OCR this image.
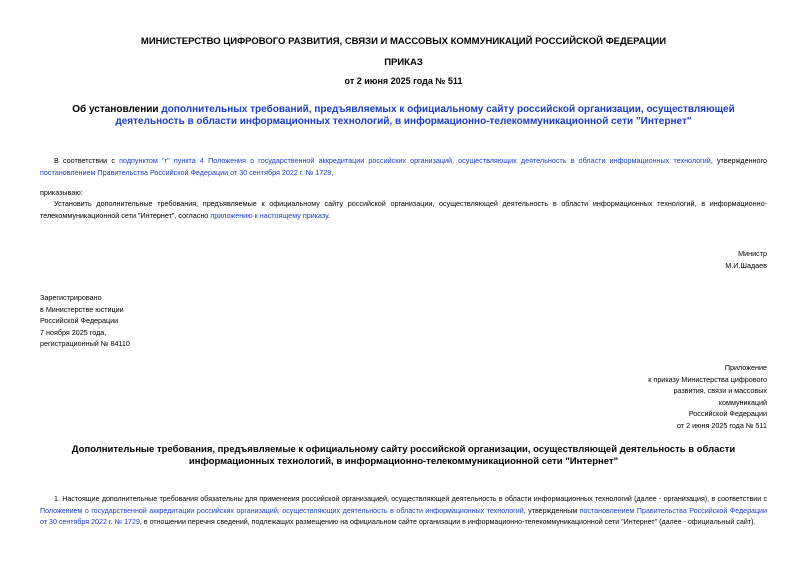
МИНИСТЕРСТВО ЦИФРОВОГО РАЗВИТИЯ, СВЯЗИ И МАССОВЫХ КОММУНИКАЦИЙ РОССИЙСКОЙ ФЕДЕРАЦИИ
ПРИКАЗ
от 2 июня 2025 года № 511
Об установлении дополнительных требований, предъявляемых к официальному сайту российской организации, осуществляющей деятельность в области информационных технологий, в информационно-телекоммуникационной сети "Интернет"
В соответствии с подпунктом "г" пункта 4 Положения о государственной аккредитации российских организаций, осуществляющих деятельность в области информационных технологий, утвержденного постановлением Правительства Российской Федерации от 30 сентября 2022 г. № 1729,
приказываю:
Установить дополнительные требования, предъявляемые к официальному сайту российской организации, осуществляющей деятельность в области информационных технологий, в информационно-телекоммуникационной сети "Интернет", согласно приложению к настоящему приказу.
Министр
М.И.Шадаев
Зарегистрировано
в Министерстве юстиции
Российской Федерации
7 ноября 2025 года,
регистрационный № 84110
Приложение
к приказу Министерства цифрового
развития, связи и массовых
коммуникаций
Российской Федерации
от 2 июня 2025 года № 511
Дополнительные требования, предъявляемые к официальному сайту российской организации, осуществляющей деятельность в области информационных технологий, в информационно-телекоммуникационной сети "Интернет"
1. Настоящие дополнительные требования обязательны для применения российской организацией, осуществляющей деятельность в области информационных технологий (далее - организация), в соответствии с Положением о государственной аккредитации российских организаций, осуществляющих деятельность в области информационных технологий, утвержденным постановлением Правительства Российской Федерации от 30 сентября 2022 г. № 1729, в отношении перечня сведений, подлежащих размещению на официальном сайте организации в информационно-телекоммуникационной сети "Интернет" (далее - официальный сайт).
